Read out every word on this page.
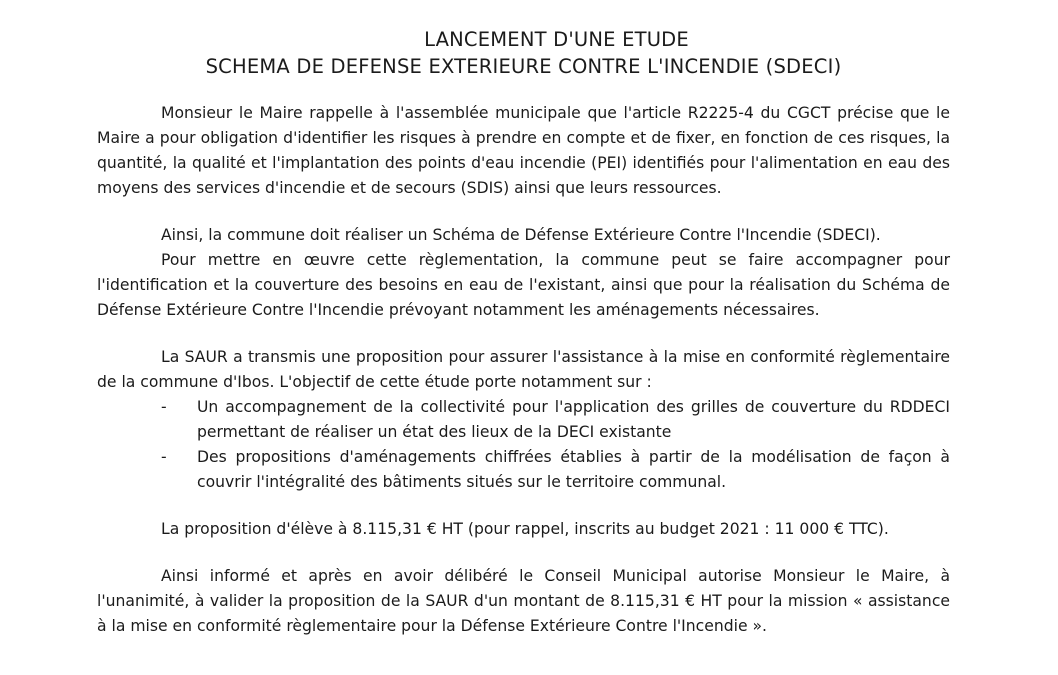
LANCEMENT D'UNE ETUDE
SCHEMA DE DEFENSE EXTERIEURE CONTRE L'INCENDIE (SDECI)

Monsieur le Maire rappelle à l'assemblée municipale que l'article R2225-4 du CGCT précise que le Maire a pour obligation d'identifier les risques à prendre en compte et de fixer, en fonction de ces risques, la quantité, la qualité et l'implantation des points d'eau incendie (PEI) identifiés pour l'alimentation en eau des moyens des services d'incendie et de secours (SDIS) ainsi que leurs ressources.

Ainsi, la commune doit réaliser un Schéma de Défense Extérieure Contre l'Incendie (SDECI).

Pour mettre en œuvre cette règlementation, la commune peut se faire accompagner pour l'identification et la couverture des besoins en eau de l'existant, ainsi que pour la réalisation du Schéma de Défense Extérieure Contre l'Incendie prévoyant notamment les aménagements nécessaires.

La SAUR a transmis une proposition pour assurer l'assistance à la mise en conformité règlementaire de la commune d'Ibos. L'objectif de cette étude porte notamment sur :

- Un accompagnement de la collectivité pour l'application des grilles de couverture du RDDECI permettant de réaliser un état des lieux de la DECI existante
- Des propositions d'aménagements chiffrées établies à partir de la modélisation de façon à couvrir l'intégralité des bâtiments situés sur le territoire communal.

La proposition d'élève à 8.115,31 € HT (pour rappel, inscrits au budget 2021 : 11 000 € TTC).

Ainsi informé et après en avoir délibéré le Conseil Municipal autorise Monsieur le Maire, à l'unanimité, à valider la proposition de la SAUR d'un montant de 8.115,31 € HT pour la mission « assistance à la mise en conformité règlementaire pour la Défense Extérieure Contre l'Incendie ».
